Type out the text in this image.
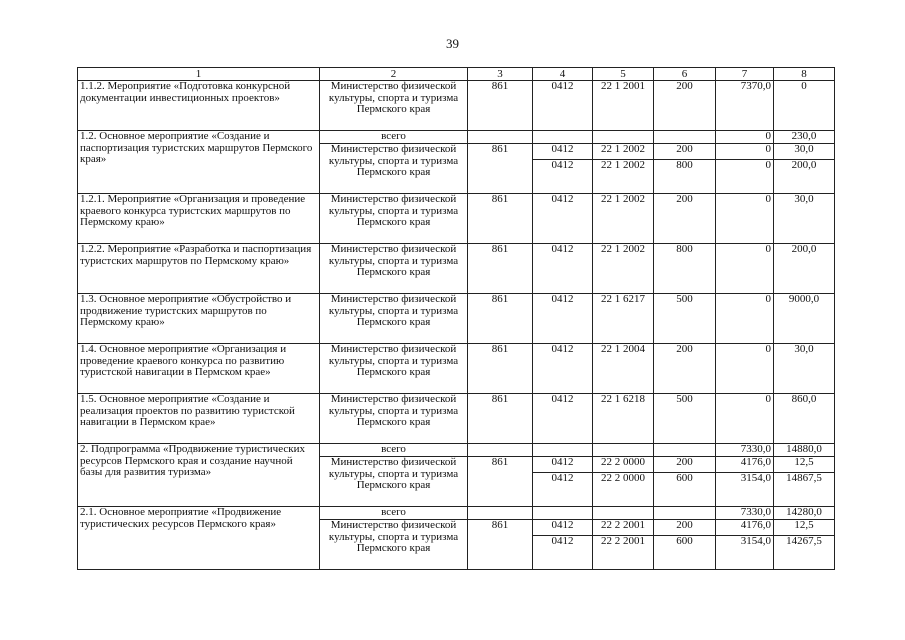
39
1	2	3	4	5	6	7	8
1.1.2. Мероприятие «Подготовка конкурсной документации инвестиционных проектов»	Министерство физической культуры, спорта и туризма Пермского края	861	0412	22 1 2001	200	7370,0	0
1.2. Основное мероприятие «Создание и паспортизация туристских маршрутов Пермского края»	всего					0	230,0
	Министерство физической культуры, спорта и туризма Пермского края	861	0412	22 1 2002	200	0	30,0
			0412	22 1 2002	800	0	200,0
1.2.1. Мероприятие «Организация и проведение краевого конкурса туристских маршрутов по Пермскому краю»	Министерство физической культуры, спорта и туризма Пермского края	861	0412	22 1 2002	200	0	30,0
1.2.2. Мероприятие «Разработка и паспортизация туристских маршрутов по Пермскому краю»	Министерство физической культуры, спорта и туризма Пермского края	861	0412	22 1 2002	800	0	200,0
1.3. Основное мероприятие «Обустройство и продвижение туристских маршрутов по Пермскому краю»	Министерство физической культуры, спорта и туризма Пермского края	861	0412	22 1 6217	500	0	9000,0
1.4. Основное мероприятие «Организация и проведение краевого конкурса по развитию туристской навигации в Пермском крае»	Министерство физической культуры, спорта и туризма Пермского края	861	0412	22 1 2004	200	0	30,0
1.5. Основное мероприятие «Создание и реализация проектов по развитию туристской навигации в Пермском крае»	Министерство физической культуры, спорта и туризма Пермского края	861	0412	22 1 6218	500	0	860,0
2. Подпрограмма «Продвижение туристических ресурсов Пермского края и создание научной базы для развития туризма»	всего					7330,0	14880,0
	Министерство физической культуры, спорта и туризма Пермского края	861	0412	22 2 0000	200	4176,0	12,5
			0412	22 2 0000	600	3154,0	14867,5
2.1. Основное мероприятие «Продвижение туристических ресурсов Пермского края»	всего					7330,0	14280,0
	Министерство физической культуры, спорта и туризма Пермского края	861	0412	22 2 2001	200	4176,0	12,5
			0412	22 2 2001	600	3154,0	14267,5
